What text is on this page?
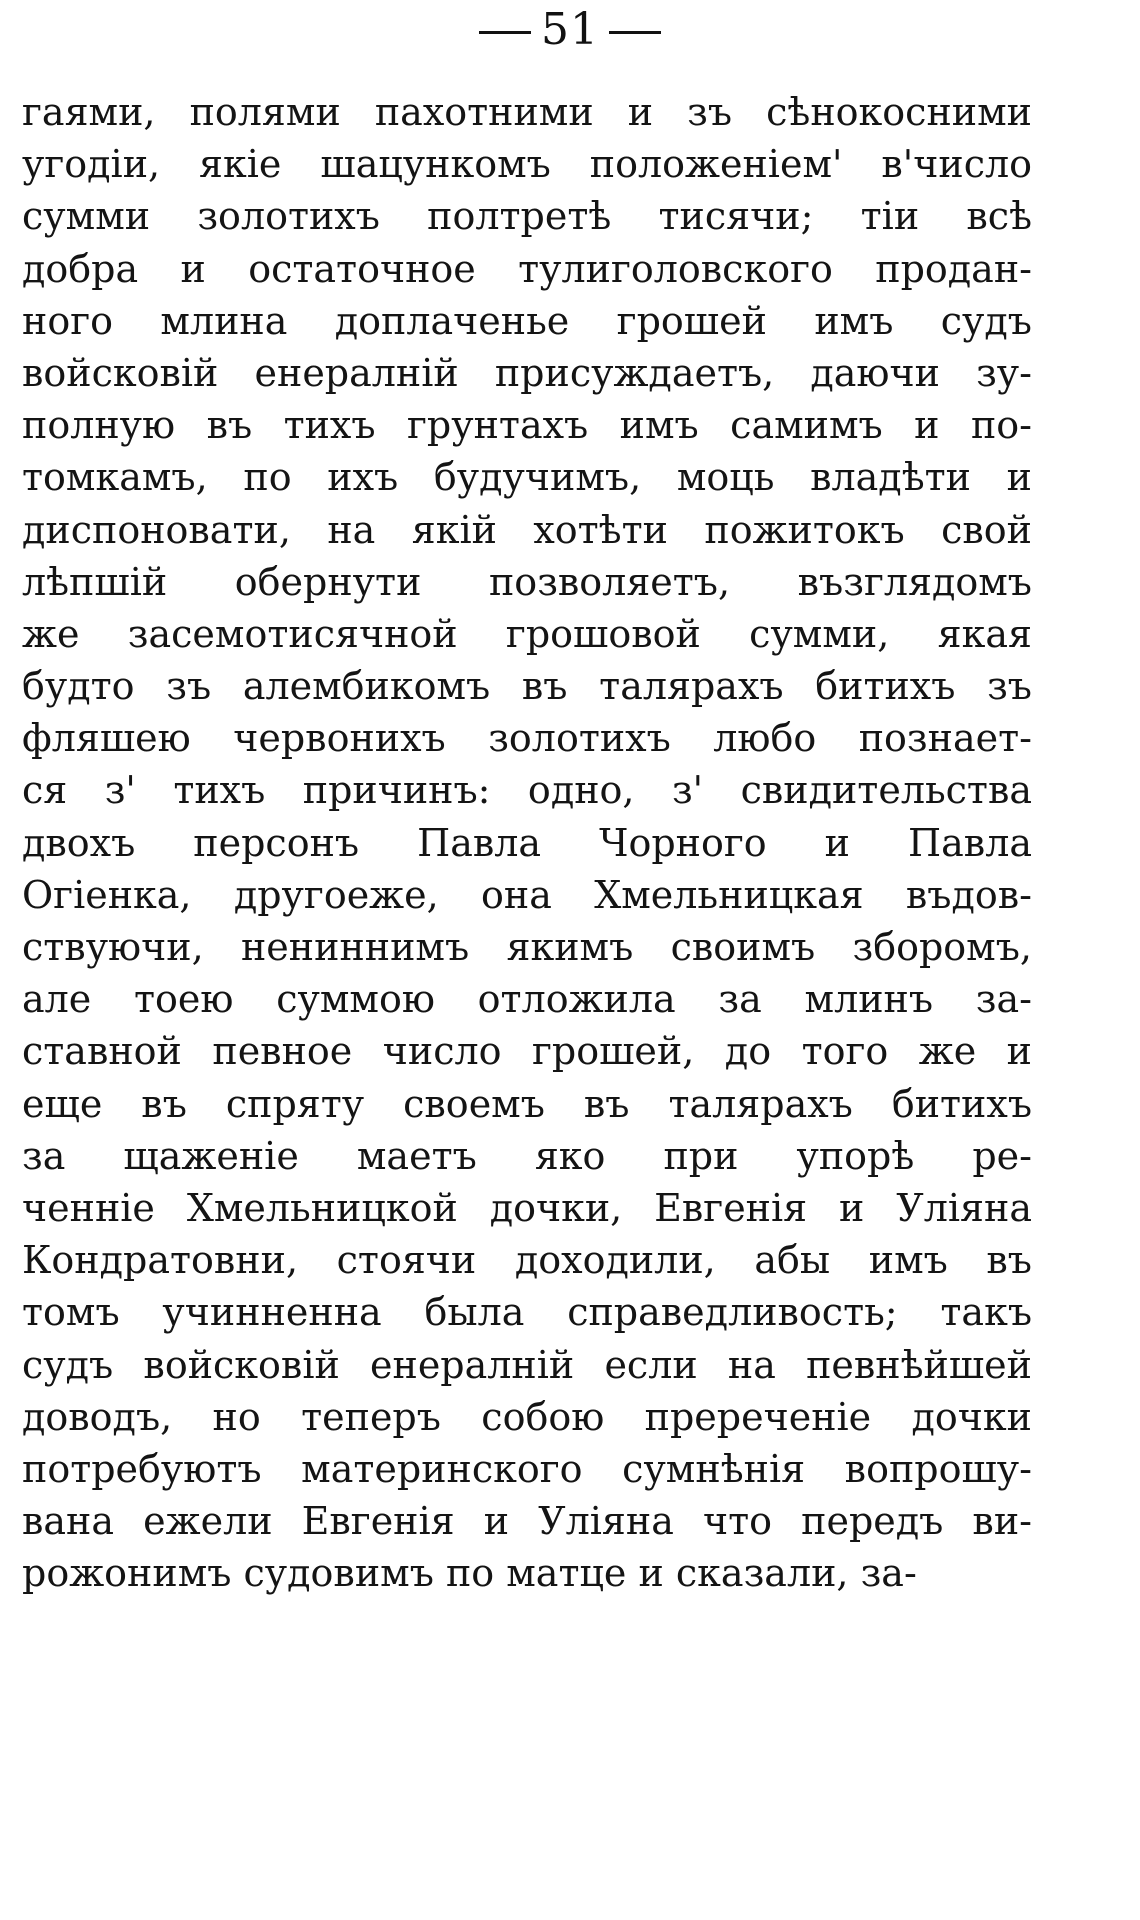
51
гаями, полями пахотними и зъ сѣнокосними
угодiи, якiе шацункомъ положенiем' в'число
сумми золотихъ полтретѣ тисячи; тiи всѣ
добра и остаточное тулиголовского продан-
ного млина доплаченье грошей имъ судъ
войсковiй енералнiй присуждаетъ, даючи зу-
полную въ тихъ грунтахъ имъ самимъ и по-
томкамъ, по ихъ будучимъ, моць владѣти и
диспоновати, на якiй хотѣти пожитокъ свой
лѣпшiй обернути позволяетъ, възглядомъ
же засемотисячной грошовой сумми, якая
будто зъ алембикомъ въ талярахъ битихъ зъ
фляшею червонихъ золотихъ любо познает-
ся з' тихъ причинъ: одно, з' свидительства
двохъ персонъ Павла Чорного и Павла
Огiенка, другоеже, она Хмельницкая въдов-
ствуючи, нениннимъ якимъ своимъ зборомъ,
але тоею суммою отложила за млинъ за-
ставной певное число грошей, до того же и
еще въ спряту своемъ въ талярахъ битихъ
за щаженiе маетъ яко при упорѣ ре-
ченнiе Хмельницкой дочки, Евгенiя и Улiяна
Кондратовни, стоячи доходили, абы имъ въ
томъ учинненна была справедливость; такъ
судъ войсковiй енералнiй если на певнѣйшей
доводъ, но теперъ собою пререченiе дочки
потребуютъ материнского сумнѣнiя вопрошу-
вана ежели Евгенiя и Улiяна что передъ ви-
рожонимъ судовимъ по матце и сказали, за-
